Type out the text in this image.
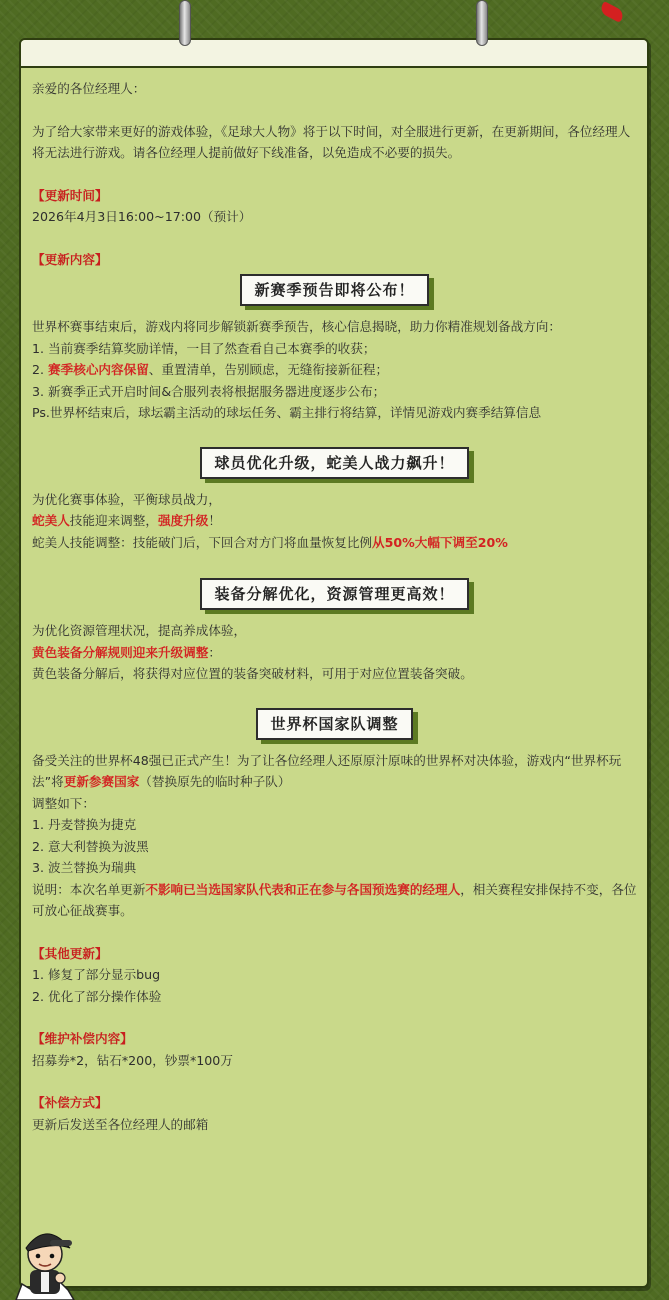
亲爱的各位经理人：

为了给大家带来更好的游戏体验，《足球大人物》将于以下时间，对全服进行更新，在更新期间，各位经理人将无法进行游戏。请各位经理人提前做好下线准备，以免造成不必要的损失。

【更新时间】

2026年4月3日16:00~17:00（预计）

【更新内容】

新赛季预告即将公布！

世界杯赛事结束后，游戏内将同步解锁新赛季预告，核心信息揭晓，助力你精准规划备战方向：

1. 当前赛季结算奖励详情，一目了然查看自己本赛季的收获；

2. 赛季核心内容保留、重置清单，告别顾虑，无缝衔接新征程；

3. 新赛季正式开启时间&合服列表将根据服务器进度逐步公布；

Ps.世界杯结束后，球坛霸主活动的球坛任务、霸主排行将结算，详情见游戏内赛季结算信息

球员优化升级，蛇美人战力飙升！

为优化赛事体验，平衡球员战力，

蛇美人技能迎来调整，强度升级！

蛇美人技能调整：技能破门后，下回合对方门将血量恢复比例从50%大幅下调至20%

装备分解优化，资源管理更高效！

为优化资源管理状况，提高养成体验，

黄色装备分解规则迎来升级调整：

黄色装备分解后，将获得对应位置的装备突破材料，可用于对应位置装备突破。

世界杯国家队调整

备受关注的世界杯48强已正式产生！为了让各位经理人还原原汁原味的世界杯对决体验，游戏内“世界杯玩法”将更新参赛国家（替换原先的临时种子队）

调整如下：

1. 丹麦替换为捷克

2. 意大利替换为波黑

3. 波兰替换为瑞典

说明：本次名单更新不影响已当选国家队代表和正在参与各国预选赛的经理人，相关赛程安排保持不变，各位可放心征战赛事。

【其他更新】

1. 修复了部分显示bug

2. 优化了部分操作体验

【维护补偿内容】

招募券*2，钻石*200，钞票*100万

【补偿方式】

更新后发送至各位经理人的邮箱
